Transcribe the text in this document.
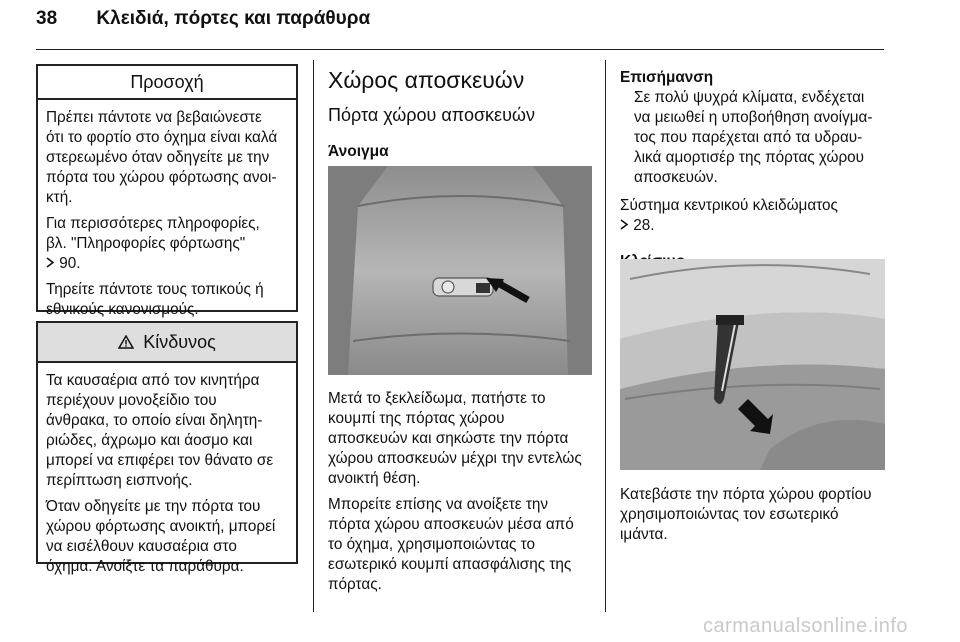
38 Κλειδιά, πόρτες και παράθυρα
Προσοχή

Πρέπει πάντοτε να βεβαιώνεστε
ότι το φορτίο στο όχημα είναι καλά
στερεωμένο όταν οδηγείτε με την
πόρτα του χώρου φόρτωσης ανοι-
κτή.

Για περισσότερες πληροφορίες,
βλ. "Πληροφορίες φόρτωσης"
90.

Τηρείτε πάντοτε τους τοπικούς ή
εθνικούς κανονισμούς.

Κίνδυνος

Τα καυσαέρια από τον κινητήρα
περιέχουν μονοξείδιο του
άνθρακα, το οποίο είναι δηλητη-
ριώδες, άχρωμο και άοσμο και
μπορεί να επιφέρει τον θάνατο σε
περίπτωση εισπνοής.

Όταν οδηγείτε με την πόρτα του
χώρου φόρτωσης ανοικτή, μπορεί
να εισέλθουν καυσαέρια στο
όχημα. Ανοίξτε τα παράθυρα.

Χώρος αποσκευών
Πόρτα χώρου αποσκευών
Άνοιγμα

Μετά το ξεκλείδωμα, πατήστε το
κουμπί της πόρτας χώρου
αποσκευών και σηκώστε την πόρτα
χώρου αποσκευών μέχρι την εντελώς
ανοικτή θέση.

Μπορείτε επίσης να ανοίξετε την
πόρτα χώρου αποσκευών μέσα από
το όχημα, χρησιμοποιώντας το
εσωτερικό κουμπί απασφάλισης της
πόρτας.

Επισήμανση
Σε πολύ ψυχρά κλίματα, ενδέχεται
να μειωθεί η υποβοήθηση ανοίγμα-
τος που παρέχεται από τα υδραυ-
λικά αμορτισέρ της πόρτας χώρου
αποσκευών.

Σύστημα κεντρικού κλειδώματος
28.

Κατεβάστε την πόρτα χώρου φορτίου
χρησιμοποιώντας τον εσωτερικό
ιμάντα.
carmanualsonline.info
